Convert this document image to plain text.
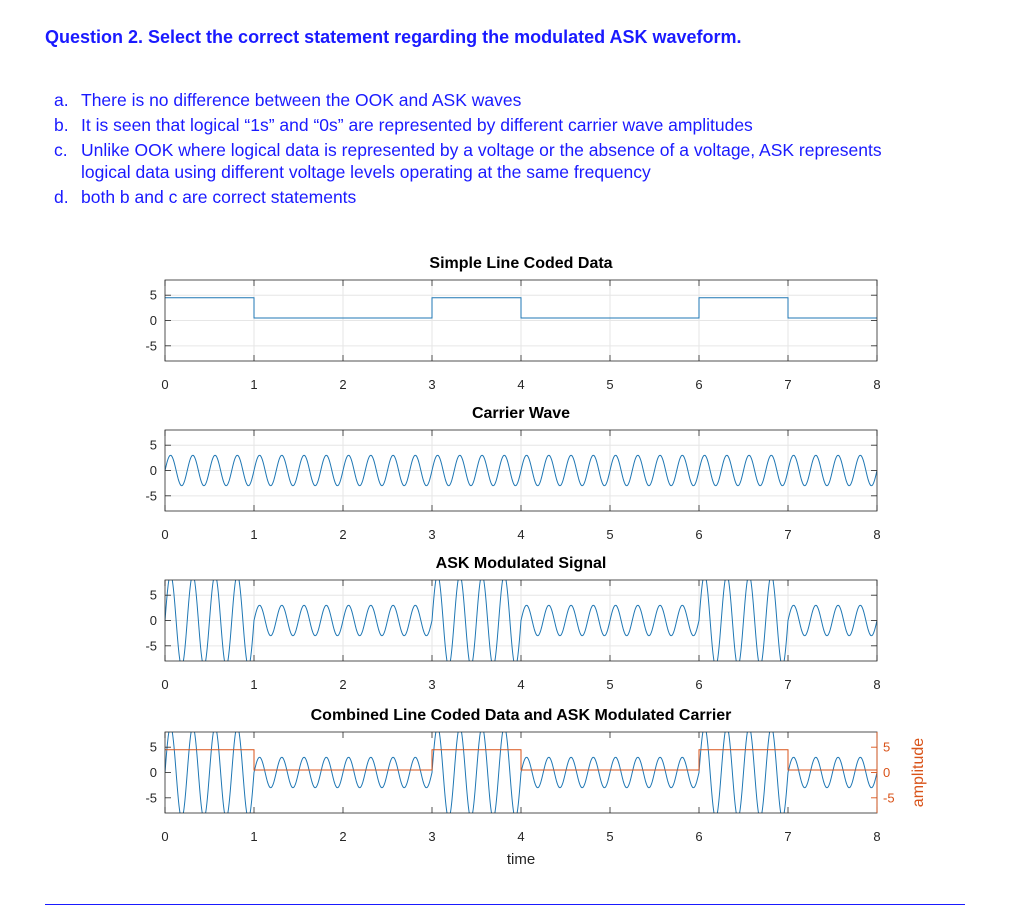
Question 2. Select the correct statement regarding the modulated ASK waveform.
a. There is no difference between the OOK and ASK waves
b. It is seen that logical “1s” and “0s” are represented by different carrier wave amplitudes
c. Unlike OOK where logical data is represented by a voltage or the absence of a voltage, ASK represents logical data using different voltage levels operating at the same frequency
d. both b and c are correct statements
0	1	2	3	4	5	6	7	8
5
0
-5
Simple Line Coded Data
0	1	2	3	4	5	6	7	8
5
0
-5
Carrier Wave
0	1	2	3	4	5	6	7	8
5
0
-5
ASK Modulated Signal
0	1	2	3	4	5	6	7	8
5
0
-5
5
0
-5 amplitude
Combined Line Coded Data and ASK Modulated Carrier
time
